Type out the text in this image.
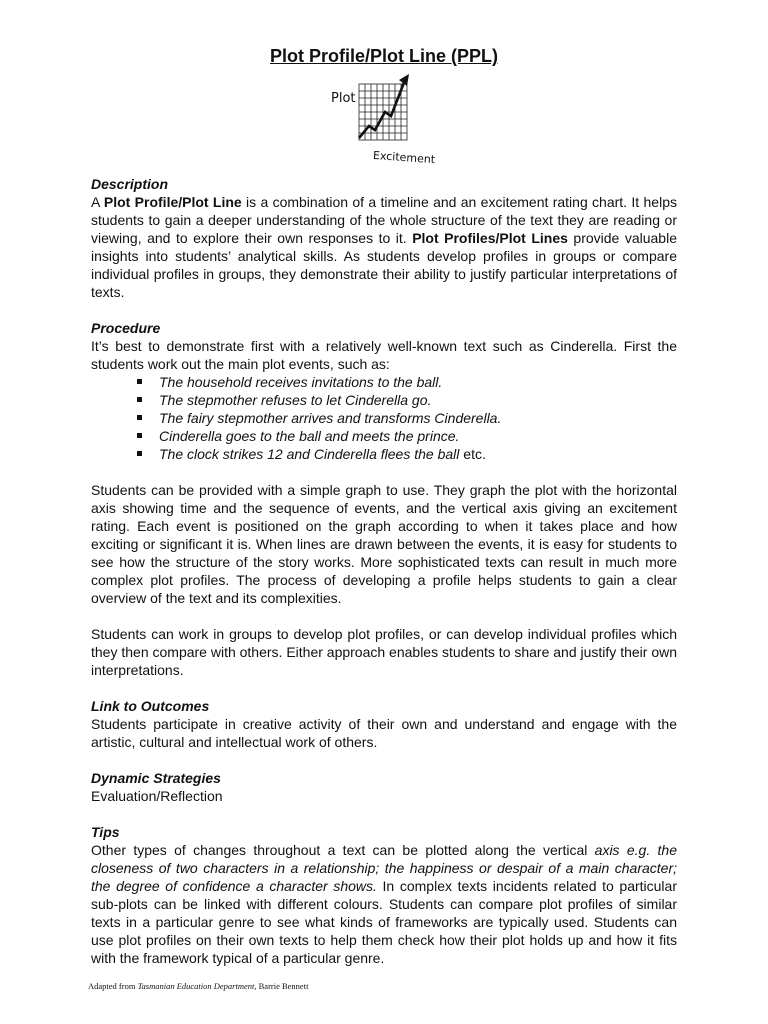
Plot Profile/Plot Line (PPL)
Plot
Excitement
Description

A Plot Profile/Plot Line is a combination of a timeline and an excitement rating chart. It helps students to gain a deeper understanding of the whole structure of the text they are reading or viewing, and to explore their own responses to it. Plot Profiles/Plot Lines provide valuable insights into students’ analytical skills. As students develop profiles in groups or compare individual profiles in groups, they demonstrate their ability to justify particular interpretations of texts.

Procedure

It’s best to demonstrate first with a relatively well-known text such as Cinderella. First the students work out the main plot events, such as:

The household receives invitations to the ball.
The stepmother refuses to let Cinderella go.
The fairy stepmother arrives and transforms Cinderella.
Cinderella goes to the ball and meets the prince.
The clock strikes 12 and Cinderella flees the ball etc.

Students can be provided with a simple graph to use. They graph the plot with the horizontal axis showing time and the sequence of events, and the vertical axis giving an excitement rating. Each event is positioned on the graph according to when it takes place and how exciting or significant it is. When lines are drawn between the events, it is easy for students to see how the structure of the story works. More sophisticated texts can result in much more complex plot profiles. The process of developing a profile helps students to gain a clear overview of the text and its complexities.

Students can work in groups to develop plot profiles, or can develop individual profiles which they then compare with others. Either approach enables students to share and justify their own interpretations.

Link to Outcomes

Students participate in creative activity of their own and understand and engage with the artistic, cultural and intellectual work of others.

Dynamic Strategies

Evaluation/Reflection

Tips

Other types of changes throughout a text can be plotted along the vertical axis e.g. the closeness of two characters in a relationship; the happiness or despair of a main character; the degree of confidence a character shows. In complex texts incidents related to particular sub-plots can be linked with different colours. Students can compare plot profiles of similar texts in a particular genre to see what kinds of frameworks are typically used. Students can use plot profiles on their own texts to help them check how their plot holds up and how it fits with the framework typical of a particular genre.

Adapted from Tasmanian Education Department, Barrie Bennett
